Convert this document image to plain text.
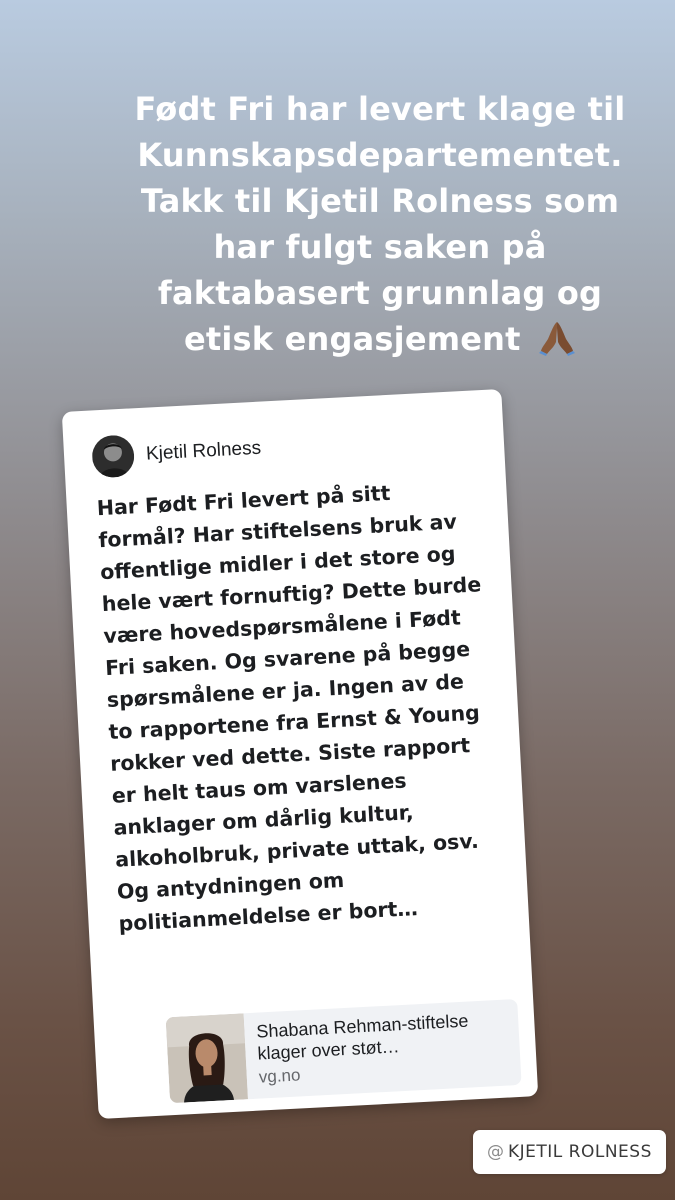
Født Fri har levert klage til Kunnskapsdepartementet. Takk til Kjetil Rolness som har fulgt saken på faktabasert grunnlag og etisk engasjement
Kjetil Rolness

Har Født Fri levert på sitt formål? Har stiftelsens bruk av offentlige midler i det store og hele vært fornuftig? Dette burde være hovedspørsmålene i Født Fri saken. Og svarene på begge spørsmålene er ja. Ingen av de to rapportene fra Ernst & Young rokker ved dette. Siste rapport er helt taus om varslenes anklager om dårlig kultur, alkoholbruk, private uttak, osv. Og antydningen om politianmeldelse er bort…

Shabana Rehman-stiftelse klager over støt…
vg.no
@ KJETIL ROLNESS
